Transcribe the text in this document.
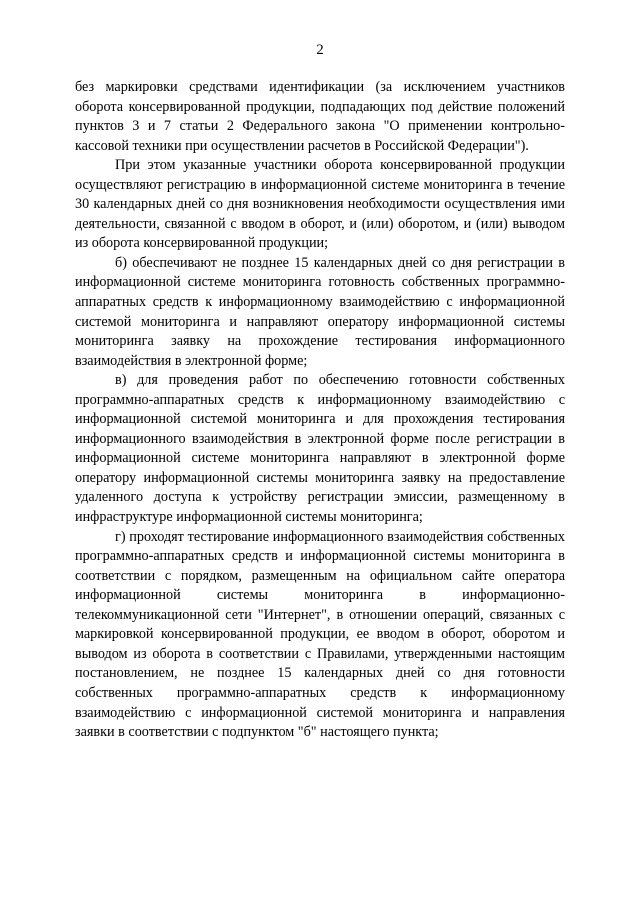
2

без маркировки средствами идентификации (за исключением участников оборота консервированной продукции, подпадающих под действие положений пунктов 3 и 7 статьи 2 Федерального закона "О применении контрольно-кассовой техники при осуществлении расчетов в Российской Федерации").

При этом указанные участники оборота консервированной продукции осуществляют регистрацию в информационной системе мониторинга в течение 30 календарных дней со дня возникновения необходимости осуществления ими деятельности, связанной с вводом в оборот, и (или) оборотом, и (или) выводом из оборота консервированной продукции;

б) обеспечивают не позднее 15 календарных дней со дня регистрации в информационной системе мониторинга готовность собственных программно-аппаратных средств к информационному взаимодействию с информационной системой мониторинга и направляют оператору информационной системы мониторинга заявку на прохождение тестирования информационного взаимодействия в электронной форме;

в) для проведения работ по обеспечению готовности собственных программно-аппаратных средств к информационному взаимодействию с информационной системой мониторинга и для прохождения тестирования информационного взаимодействия в электронной форме после регистрации в информационной системе мониторинга направляют в электронной форме оператору информационной системы мониторинга заявку на предоставление удаленного доступа к устройству регистрации эмиссии, размещенному в инфраструктуре информационной системы мониторинга;

г) проходят тестирование информационного взаимодействия собственных программно-аппаратных средств и информационной системы мониторинга в соответствии с порядком, размещенным на официальном сайте оператора информационной системы мониторинга в информационно-телекоммуникационной сети "Интернет", в отношении операций, связанных с маркировкой консервированной продукции, ее вводом в оборот, оборотом и выводом из оборота в соответствии с Правилами, утвержденными настоящим постановлением, не позднее 15 календарных дней со дня готовности собственных программно-аппаратных средств к информационному взаимодействию с информационной системой мониторинга и направления заявки в соответствии с подпунктом "б" настоящего пункта;
